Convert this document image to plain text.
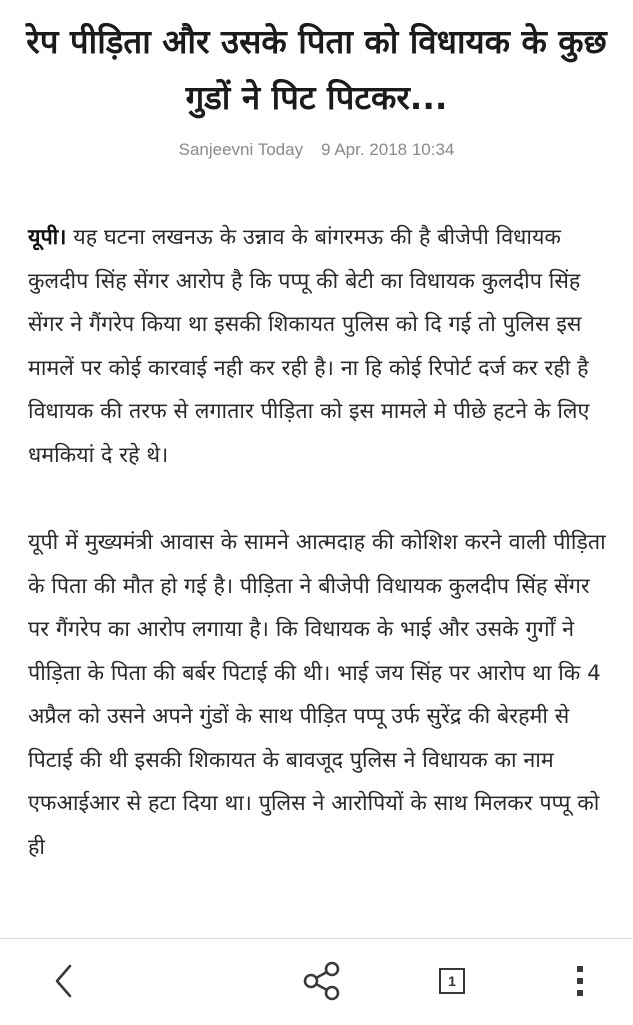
रेप पीड़िता और उसके पिता को विधायक के कुछ गुडों ने पिट पिटकर...
Sanjeevni Today 9 Apr. 2018 10:34

यूपी। यह घटना लखनऊ के उन्नाव के बांगरमऊ की है बीजेपी विधायक कुलदीप सिंह सेंगर आरोप है कि पप्पू की बेटी का विधायक कुलदीप सिंह सेंगर ने गैंगरेप किया था इसकी शिकायत पुलिस को दि गई तो पुलिस इस मामलें पर कोई कारवाई नही कर रही है। ना हि कोई रिपोर्ट दर्ज कर रही है विधायक की तरफ से लगातार पीड़िता को इस मामले मे पीछे हटने के लिए धमकियां दे रहे थे।

यूपी में मुख्यमंत्री आवास के सामने आत्मदाह की कोशिश करने वाली पीड़िता के पिता की मौत हो गई है। पीड़िता ने बीजेपी विधायक कुलदीप सिंह सेंगर पर गैंगरेप का आरोप लगाया है। कि विधायक के भाई और उसके गुर्गों ने पीड़िता के पिता की बर्बर पिटाई की थी। भाई जय सिंह पर आरोप था कि 4 अप्रैल को उसने अपने गुंडों के साथ पीड़ित पप्पू उर्फ सुरेंद्र की बेरहमी से पिटाई की थी इसकी शिकायत के बावजूद पुलिस ने विधायक का नाम एफआईआर से हटा दिया था। पुलिस ने आरोपियों के साथ मिलकर पप्पू को ही

1
